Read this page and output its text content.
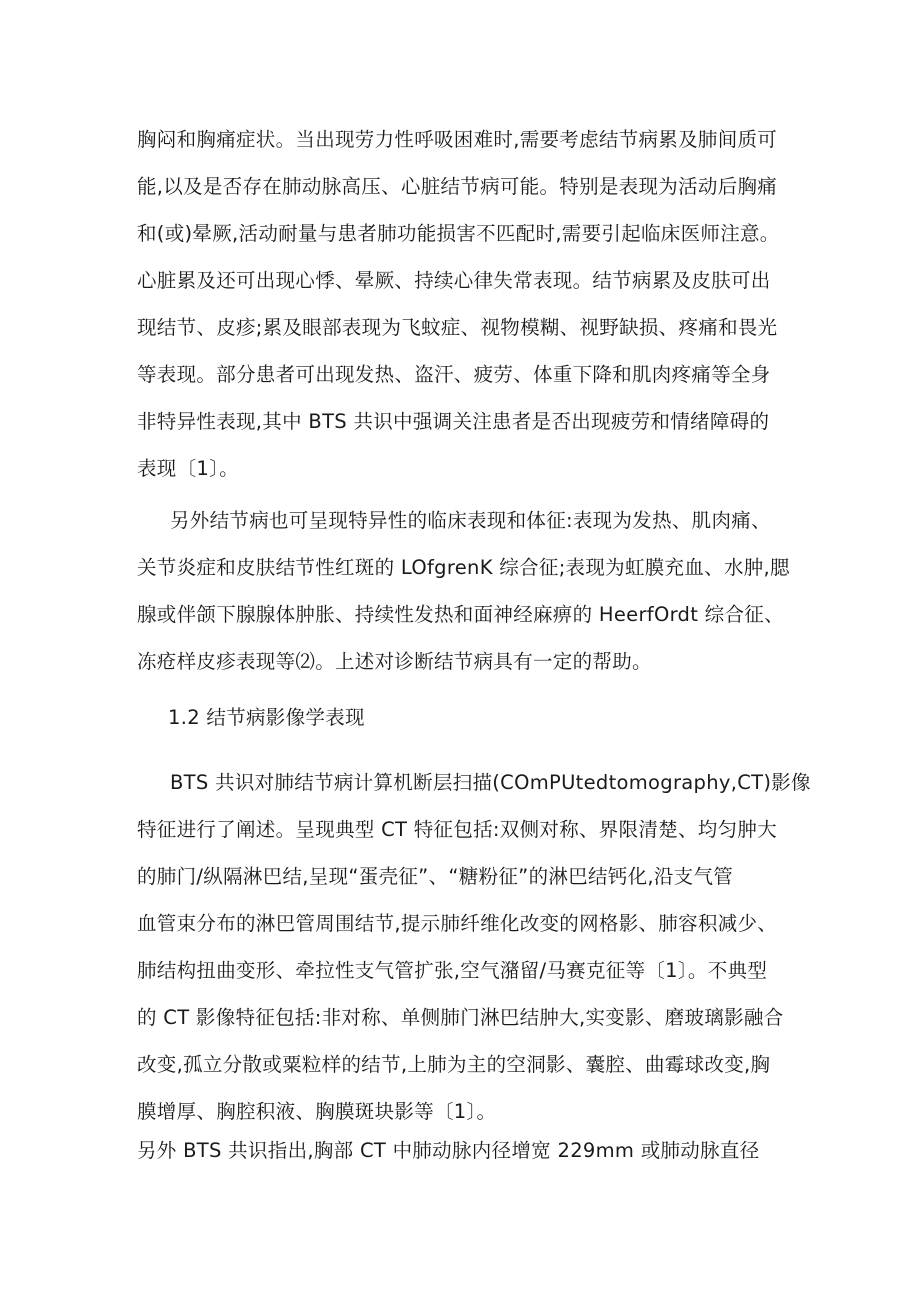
胸闷和胸痛症状。当出现劳力性呼吸困难时,需要考虑结节病累及肺间质可
能,以及是否存在肺动脉高压、心脏结节病可能。特别是表现为活动后胸痛
和(或)晕厥,活动耐量与患者肺功能损害不匹配时,需要引起临床医师注意。
心脏累及还可出现心悸、晕厥、持续心律失常表现。结节病累及皮肤可出
现结节、皮疹;累及眼部表现为飞蚊症、视物模糊、视野缺损、疼痛和畏光
等表现。部分患者可出现发热、盗汗、疲劳、体重下降和肌肉疼痛等全身
非特异性表现,其中 BTS 共识中强调关注患者是否出现疲劳和情绪障碍的
表现〔1〕。
另外结节病也可呈现特异性的临床表现和体征:表现为发热、肌肉痛、
关节炎症和皮肤结节性红斑的 LOfgrenK 综合征;表现为虹膜充血、水肿,腮
腺或伴颌下腺腺体肿胀、持续性发热和面神经麻痹的 HeerfOrdt 综合征、
冻疮样皮疹表现等⑵。上述对诊断结节病具有一定的帮助。
1.2 结节病影像学表现
BTS 共识对肺结节病计算机断层扫描(COmPUtedtomography,CT)影像
特征进行了阐述。呈现典型 CT 特征包括:双侧对称、界限清楚、均匀肿大
的肺门/纵隔淋巴结,呈现“蛋壳征”、“糖粉征”的淋巴结钙化,沿支气管
血管束分布的淋巴管周围结节,提示肺纤维化改变的网格影、肺容积减少、
肺结构扭曲变形、牵拉性支气管扩张,空气潴留/马赛克征等〔1〕。不典型
的 CT 影像特征包括:非对称、单侧肺门淋巴结肿大,实变影、磨玻璃影融合
改变,孤立分散或粟粒样的结节,上肺为主的空洞影、囊腔、曲霉球改变,胸
膜增厚、胸腔积液、胸膜斑块影等〔1〕。
另外 BTS 共识指出,胸部 CT 中肺动脉内径增宽 229mm 或肺动脉直径
